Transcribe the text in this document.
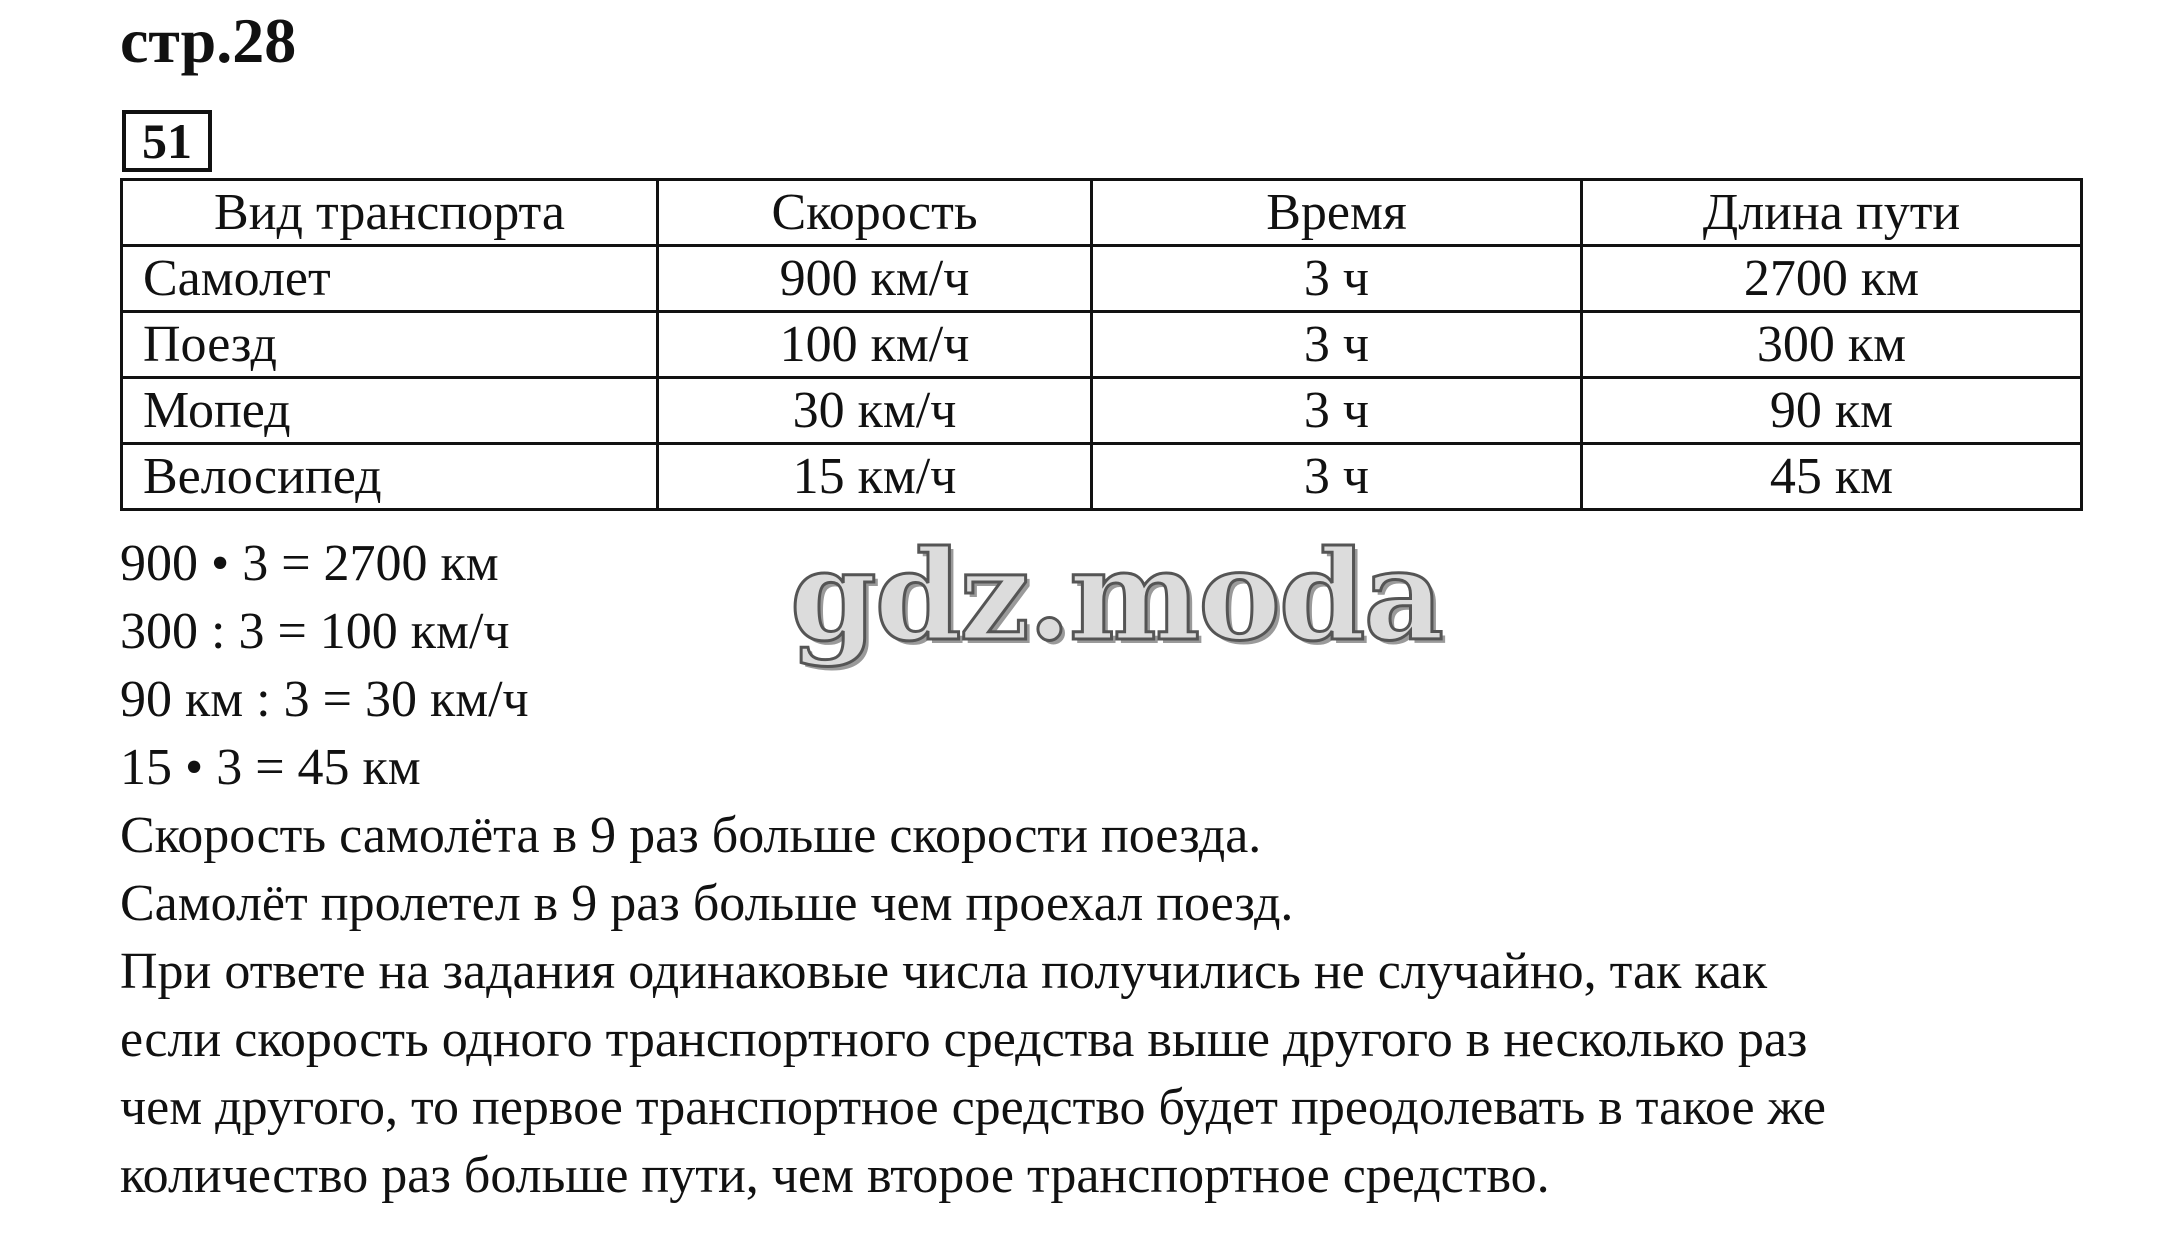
стр.28
51
Вид транспорта	Скорость	Время	Длина пути
Самолет	900 км/ч	3 ч	2700 км
Поезд	100 км/ч	3 ч	300 км
Мопед	30 км/ч	3 ч	90 км
Велосипед	15 км/ч	3 ч	45 км
900 • 3 = 2700 км
300 : 3 = 100 км/ч
90 км : 3 = 30 км/ч
15 • 3 = 45 км
Скорость самолёта в 9 раз больше скорости поезда.
Самолёт пролетел в 9 раз больше чем проехал поезд.
При ответе на задания одинаковые числа получились не случайно, так как
если скорость одного транспортного средства выше другого в несколько раз
чем другого, то первое транспортное средство будет преодолевать в такое же
количество раз больше пути, чем второе транспортное средство.
gdz.moda
